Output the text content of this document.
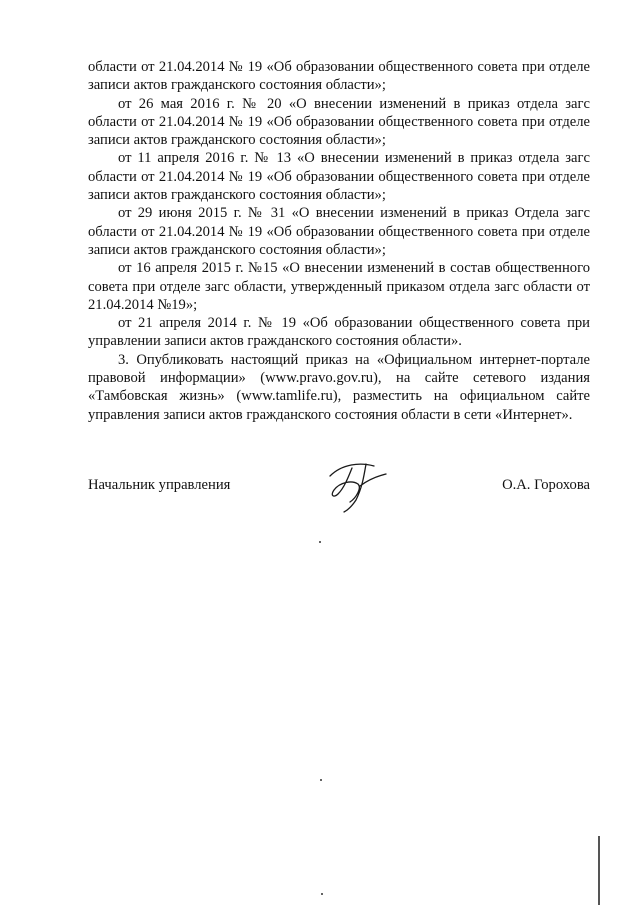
области от 21.04.2014 № 19 «Об образовании общественного совета при отделе записи актов гражданского состояния области»;

от 26 мая 2016 г. № 20 «О внесении изменений в приказ отдела загс области от 21.04.2014 № 19 «Об образовании общественного совета при отделе записи актов гражданского состояния области»;

от 11 апреля 2016 г. № 13 «О внесении изменений в приказ отдела загс области от 21.04.2014 № 19 «Об образовании общественного совета при отделе записи актов гражданского состояния области»;

от 29 июня 2015 г. № 31 «О внесении изменений в приказ Отдела загс области от 21.04.2014 № 19 «Об образовании общественного совета при отделе записи актов гражданского состояния области»;

от 16 апреля 2015 г. №15 «О внесении изменений в состав общественного совета при отделе загс области, утвержденный приказом отдела загс области от 21.04.2014 №19»;

от 21 апреля 2014 г. № 19 «Об образовании общественного совета при управлении записи актов гражданского состояния области».

3. Опубликовать настоящий приказ на «Официальном интернет-портале правовой информации» (www.pravo.gov.ru), на сайте сетевого издания «Тамбовская жизнь» (www.tamlife.ru), разместить на официальном сайте управления записи актов гражданского состояния области в сети «Интернет».

Начальник управления	О.А. Горохова
